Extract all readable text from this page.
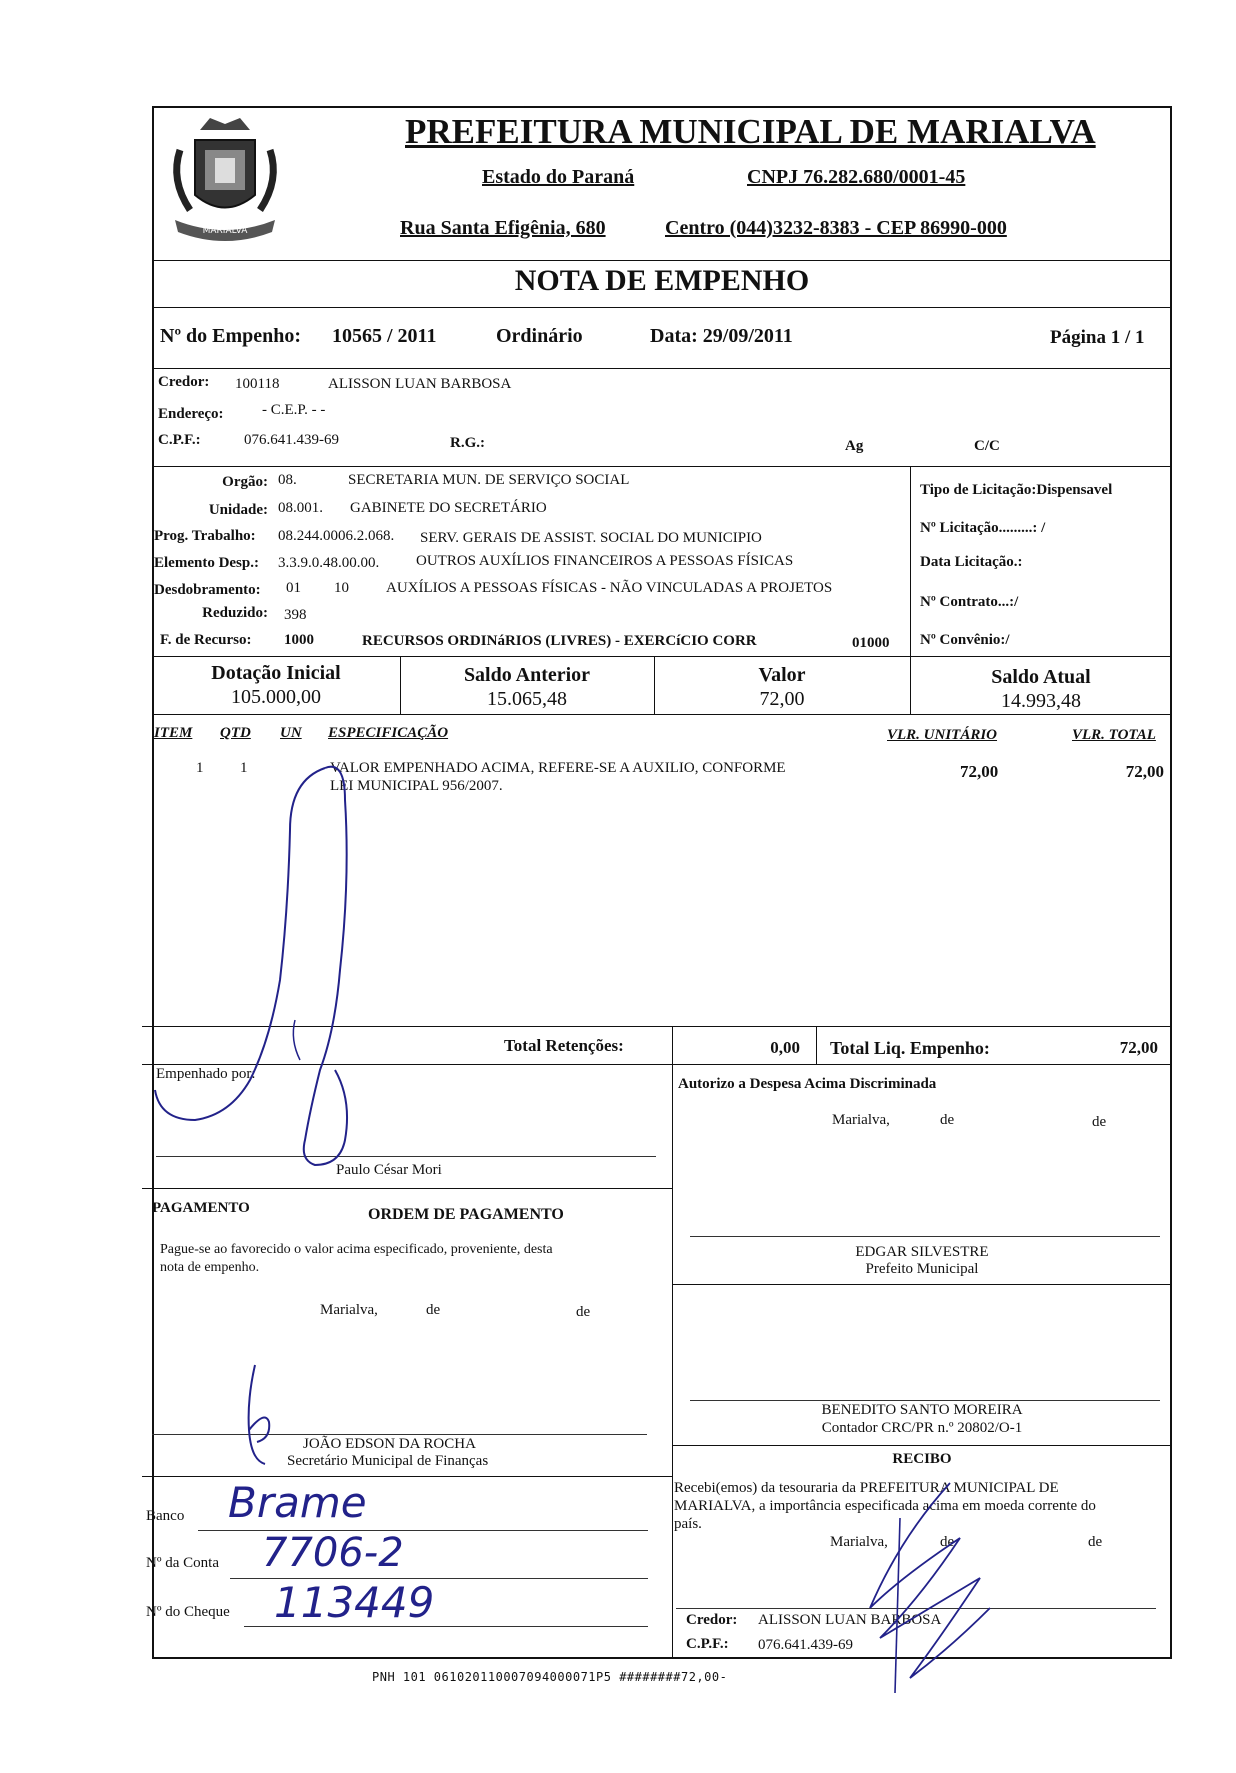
MARIALVA
PREFEITURA MUNICIPAL DE MARIALVA
Estado do Paraná	CNPJ 76.282.680/0001-45
Rua Santa Efigênia, 680	Centro (044)3232-8383 - CEP 86990-000
NOTA DE EMPENHO
Nº do Empenho: 10565 / 2011	Ordinário	Data: 29/09/2011	Página 1 / 1
Credor: 100118	ALISSON LUAN BARBOSA
Endereço:	- C.E.P. - -
C.P.F.:	076.641.439-69	R.G.:	Ag	C/C
Orgão: 08.	SECRETARIA MUN. DE SERVIÇO SOCIAL
Unidade: 08.001. GABINETE DO SECRETÁRIO
Prog. Trabalho: 08.244.0006.2.068. SERV. GERAIS DE ASSIST. SOCIAL DO MUNICIPIO
Elemento Desp.: 3.3.9.0.48.00.00. OUTROS AUXÍLIOS FINANCEIROS A PESSOAS FÍSICAS
Desdobramento: 01 10 AUXÍLIOS A PESSOAS FÍSICAS - NÃO VINCULADAS A PROJETOS
Reduzido: 398
F. de Recurso: 1000	RECURSOS ORDINáRIOS (LIVRES) - EXERCíCIO CORR	01000
Tipo de Licitação:Dispensavel
Nº Licitação.........: /
Data Licitação.:
Nº Contrato...:/
Nº Convênio:/
Dotação Inicial
105.000,00
Saldo Anterior
15.065,48
Valor
72,00
Saldo Atual
14.993,48
ITEM QTD UN ESPECIFICAÇÃO	VLR. UNITÁRIO	VLR. TOTAL
1 1	VALOR EMPENHADO ACIMA, REFERE-SE A AUXILIO, CONFORME
LEI MUNICIPAL 956/2007.
72,00	72,00
Total Retenções:	0,00 Total Liq. Empenho:	72,00
Empenhado por:
Paulo César Mori
Autorizo a Despesa Acima Discriminada
Marialva,	de	de
EDGAR SILVESTRE
Prefeito Municipal
PAGAMENTO	ORDEM DE PAGAMENTO
Pague-se ao favorecido o valor acima especificado, proveniente, desta
nota de empenho.
Marialva,	de	de
JOÃO EDSON DA ROCHA
Secretário Municipal de Finanças
BENEDITO SANTO MOREIRA
Contador CRC/PR n.º 20802/O-1
RECIBO
Recebi(emos) da tesouraria da PREFEITURA MUNICIPAL DE
MARIALVA, a importância especificada acima em moeda corrente do
país.
Marialva,	de	de
Credor: ALISSON LUAN BARBOSA
C.P.F.: 076.641.439-69
Banco Brame
Nº da Conta 7706-2
Nº do Cheque 113449
PNH 101 061020110007094000071P5 ########72,00-
